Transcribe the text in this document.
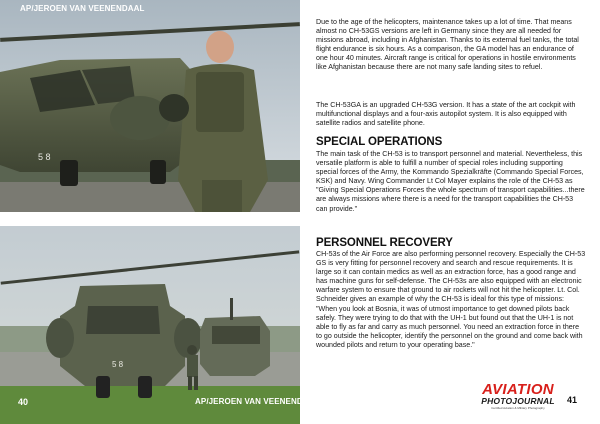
5 8
AP/JEROEN VAN VEENENDAAL
5 8
40	AP/JEROEN VAN VEENENDAAL

Due to the age of the helicopters, maintenance takes up a lot of time. That means almost no CH-53GS versions are left in Germany since they are all needed for missions abroad, including in Afghanistan. Thanks to its external fuel tanks, the total flight endurance is six hours. As a comparison, the GA model has an endurance of one hour 40 minutes. Aircraft range is critical for operations in hostile environments like Afghanistan because there are not many safe landing sites to refuel.

The CH-53GA is an upgraded CH-53G version. It has a state of the art cockpit with multifunctional displays and a four-axis autopilot system. It is also equipped with satellite radios and satellite phone.

SPECIAL OPERATIONS

The main task of the CH-53 is to transport personnel and material. Nevertheless, this versatile platform is able to fulfill a number of special roles including supporting special forces of the Army, the Kommando Spezialkräfte (Commando Special Forces, KSK) and Navy. Wing Commander Lt Col Mayer explains the role of the CH-53 as "Giving Special Operations Forces the whole spectrum of transport capabilities...there are always missions where there is a need for the transport capabilities the CH-53 can provide."

PERSONNEL RECOVERY

CH-53s of the Air Force are also performing personnel recovery. Especially the CH-53 GS is very fitting for personnel recovery and search and rescue requirements. It is large so it can contain medics as well as an extraction force, has a good range and has machine guns for self-defense. The CH-53s are also equipped with an electronic warfare system to ensure that ground to air rockets will not hit the helicopter. Lt. Col. Schneider gives an example of why the CH-53 is ideal for this type of missions: "When you look at Bosnia, it was of utmost importance to get downed pilots back safely. They were trying to do that with the UH-1 but found out that the UH-1 is not able to fly as far and carry as much personnel. You need an extraction force in there to go outside the helicopter, identify the personnel on the ground and come back with wounded pilots and return to your operating base."

AVIATION
PHOTOJOURNAL
Certified Aviation & Military Photography
41
